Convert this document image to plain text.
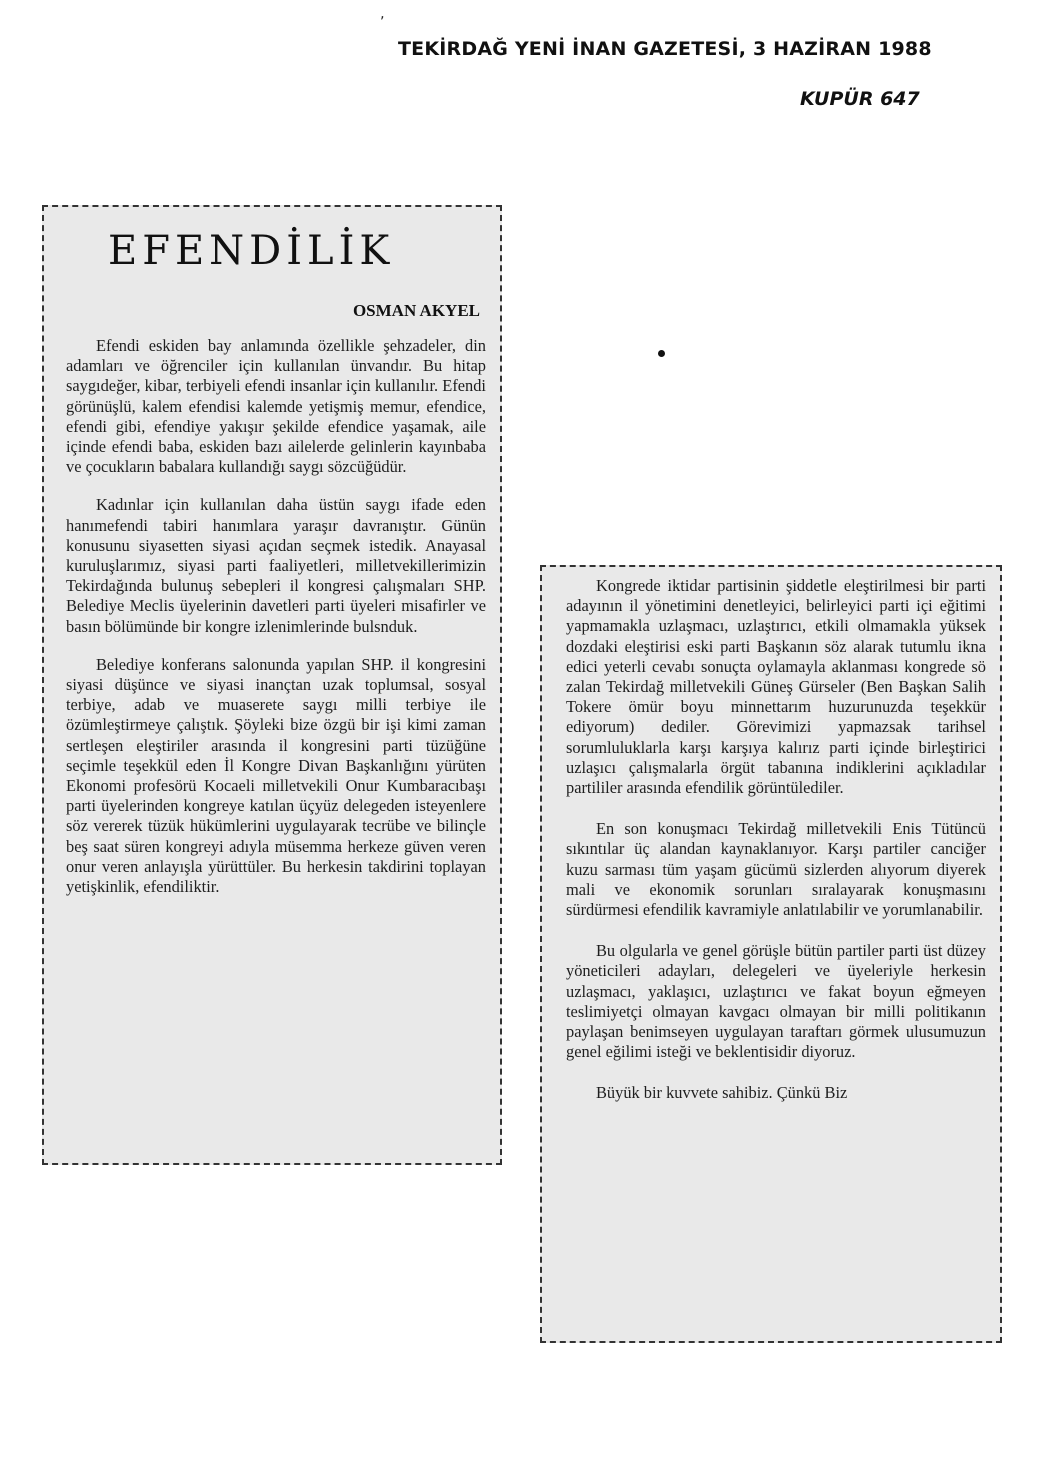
‚
TEKİRDAĞ YENİ İNAN GAZETESİ, 3 HAZİRAN 1988
KUPÜR 647
OSMAN AKYEL

Efendi eskiden bay anlamında özellikle şehzadeler, din adamları ve öğrenciler için kullanılan ünvandır. Bu hitap saygıdeğer, kibar, terbiyeli efendi insanlar için kullanılır. Efendi görünüşlü, kalem efendisi kalemde yetişmiş memur, efendice, efendi gibi, efendiye yakışır şekilde efendice yaşamak, aile içinde efendi baba, eskiden bazı ailelerde gelinlerin kayınbaba ve çocukların babalara kullandığı saygı sözcüğüdür.

Kadınlar için kullanılan daha üstün saygı ifade eden hanımefendi tabiri hanımlara yaraşır davranıştır. Günün konusunu siyasetten siyasi açıdan seçmek istedik. Anayasal kuruluşlarımız, siyasi parti faaliyetleri, milletvekillerimizin Tekirdağında bulunuş sebepleri il kongresi çalışmaları SHP. Belediye Meclis üyelerinin davetleri parti üyeleri misafirler ve basın bölümünde bir kongre izlenimlerinde bulsnduk.

Belediye konferans salonunda yapılan SHP. il kongresini siyasi düşünce ve siyasi inançtan uzak toplumsal, sosyal terbiye, adab ve muaserete saygı milli terbiye ile özümleştirmeye çalıştık. Şöyleki bize özgü bir işi kimi zaman sertleşen eleştiriler arasında il kongresini parti tüzüğüne seçimle teşekkül eden İl Kongre Divan Başkanlığını yürüten Ekonomi profesörü Kocaeli milletvekili Onur Kumbaracıbaşı parti üyelerinden kongreye katılan üçyüz delegeden isteyenlere söz vererek tüzük hükümlerini uygulayarak tecrübe ve bilinçle beş saat süren kongreyi adıyla müsemma herkeze güven veren onur veren anlayışla yürüttüler. Bu herkesin takdirini toplayan yetişkinlik, efendiliktir.

EFENDİLİK

Kongrede iktidar partisinin şiddetle eleştirilmesi bir parti adayının il yönetimini denetleyici, belirleyici parti içi eğitimi yapmamakla uzlaşmacı, uzlaştırıcı, etkili olmamakla yüksek dozdaki eleştirisi eski parti Başkanın söz alarak tutumlu ikna edici yeterli cevabı sonuçta oylamayla aklanması kongrede sö zalan Tekirdağ milletvekili Güneş Gürseler (Ben Başkan Salih Tokere ömür boyu minnettarım huzurunuzda teşekkür ediyorum) dediler. Görevimizi yapmazsak tarihsel sorumluluklarla karşı karşıya kalırız parti içinde birleştirici uzlaşıcı çalışmalarla örgüt tabanına indiklerini açıkladılar partililer arasında efendilik görüntülediler.

En son konuşmacı Tekirdağ milletvekili Enis Tütüncü sıkıntılar üç alandan kaynaklanıyor. Karşı partiler canciğer kuzu sarması tüm yaşam gücümü sizlerden alıyorum diyerek mali ve ekonomik sorunları sıralayarak konuşmasını sürdürmesi efendilik kavramiyle anlatılabilir ve yorumlanabilir.

Bu olgularla ve genel görüşle bütün partiler parti üst düzey yöneticileri adayları, delegeleri ve üyeleriyle herkesin uzlaşmacı, yaklaşıcı, uzlaştırıcı ve fakat boyun eğmeyen teslimiyetçi olmayan kavgacı olmayan bir milli politikanın paylaşan benimseyen uygulayan taraftarı görmek ulusumuzun genel eğilimi isteği ve beklentisidir diyoruz.

Büyük bir kuvvete sahibiz. Çünkü Biz
